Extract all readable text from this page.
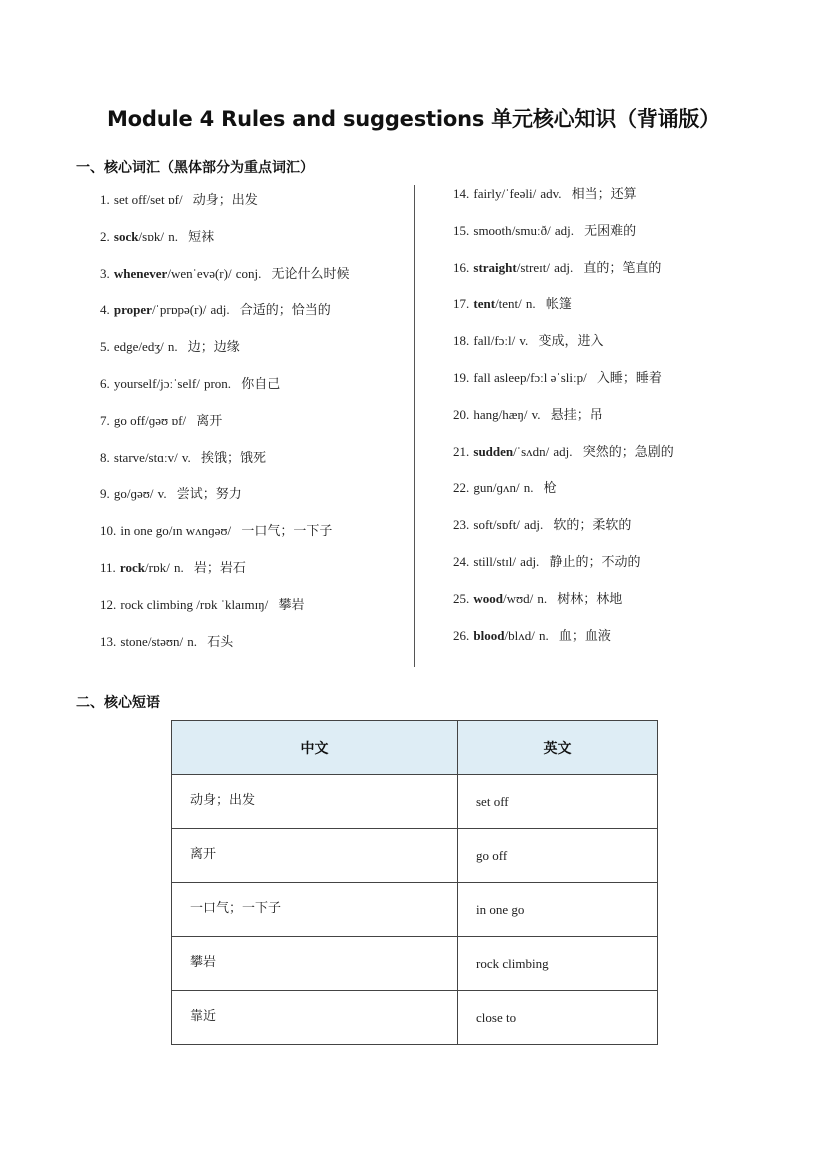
Module 4 Rules and suggestions 单元核心知识（背诵版）
一、核心词汇（黑体部分为重点词汇）
1. set off/set ɒf/ 动身；出发
2. sock/sɒk/ n. 短袜
3. whenever/wenˈevə(r)/ conj. 无论什么时候
4. proper/ˈprɒpə(r)/ adj. 合适的；恰当的
5. edge/edʒ/ n. 边；边缘
6. yourself/jɔːˈself/ pron. 你自己
7. go off/ɡəʊ ɒf/ 离开
8. starve/stɑːv/ v. 挨饿；饿死
9. go/ɡəʊ/ v. 尝试；努力
10. in one go/ɪn wʌnɡəʊ/ 一口气；一下子
11. rock/rɒk/ n. 岩；岩石
12. rock climbing /rɒk ˈklaɪmɪŋ/ 攀岩
13. stone/stəʊn/ n. 石头
14. fairly/ˈfeəli/ adv. 相当；还算
15. smooth/smuːð/ adj. 无困难的
16. straight/streɪt/ adj. 直的；笔直的
17. tent/tent/ n. 帐篷
18. fall/fɔːl/ v. 变成，进入
19. fall asleep/fɔːl əˈsliːp/ 入睡；睡着
20. hang/hæŋ/ v. 悬挂；吊
21. sudden/ˈsʌdn/ adj. 突然的；急剧的
22. gun/ɡʌn/ n. 枪
23. soft/sɒft/ adj. 软的；柔软的
24. still/stɪl/ adj. 静止的；不动的
25. wood/wʊd/ n. 树林；林地
26. blood/blʌd/ n. 血；血液
二、核心短语
中文	英文
动身；出发	set off
离开	go off
一口气；一下子	in one go
攀岩	rock climbing
靠近	close to
